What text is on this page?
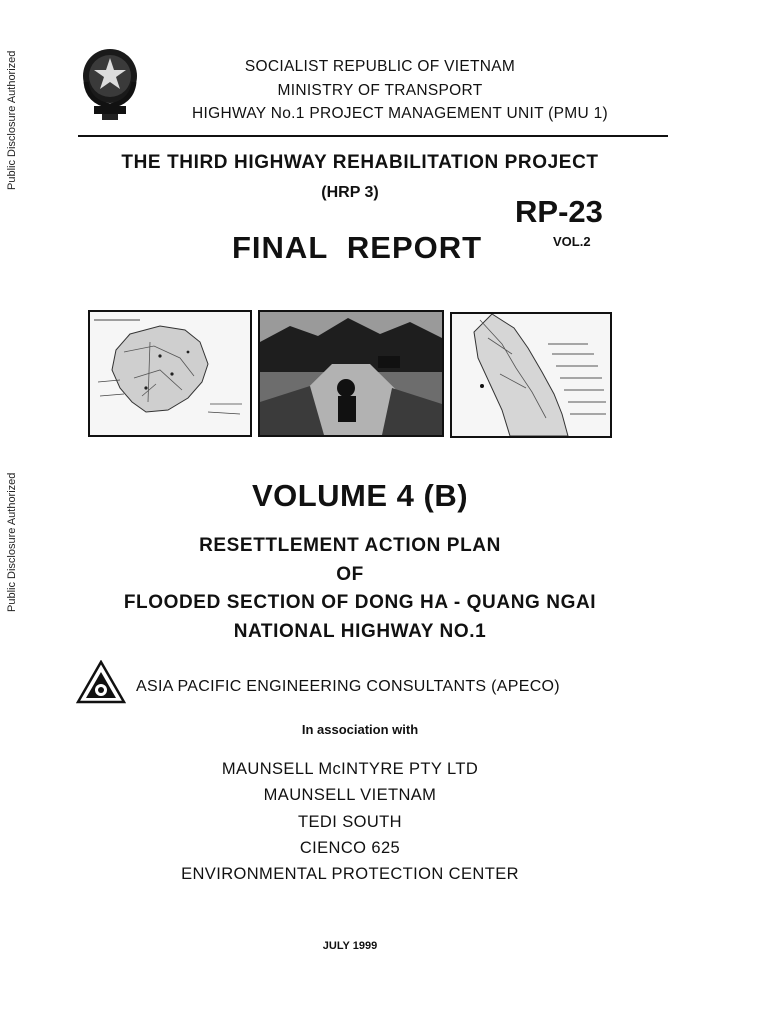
Public Disclosure Authorized
Public Disclosure Authorized
SOCIALIST REPUBLIC OF VIETNAM
MINISTRY OF TRANSPORT
HIGHWAY No.1 PROJECT MANAGEMENT UNIT (PMU 1)
THE THIRD HIGHWAY REHABILITATION PROJECT
(HRP 3)
RP-23
VOL.2
FINAL  REPORT
VOLUME 4 (B)
RESETTLEMENT ACTION PLAN
OF
FLOODED SECTION OF DONG HA - QUANG NGAI
NATIONAL HIGHWAY NO.1
ASIA PACIFIC ENGINEERING CONSULTANTS (APECO)
In association with
MAUNSELL McINTYRE PTY LTD
MAUNSELL VIETNAM
TEDI SOUTH
CIENCO 625
ENVIRONMENTAL PROTECTION CENTER
JULY 1999
